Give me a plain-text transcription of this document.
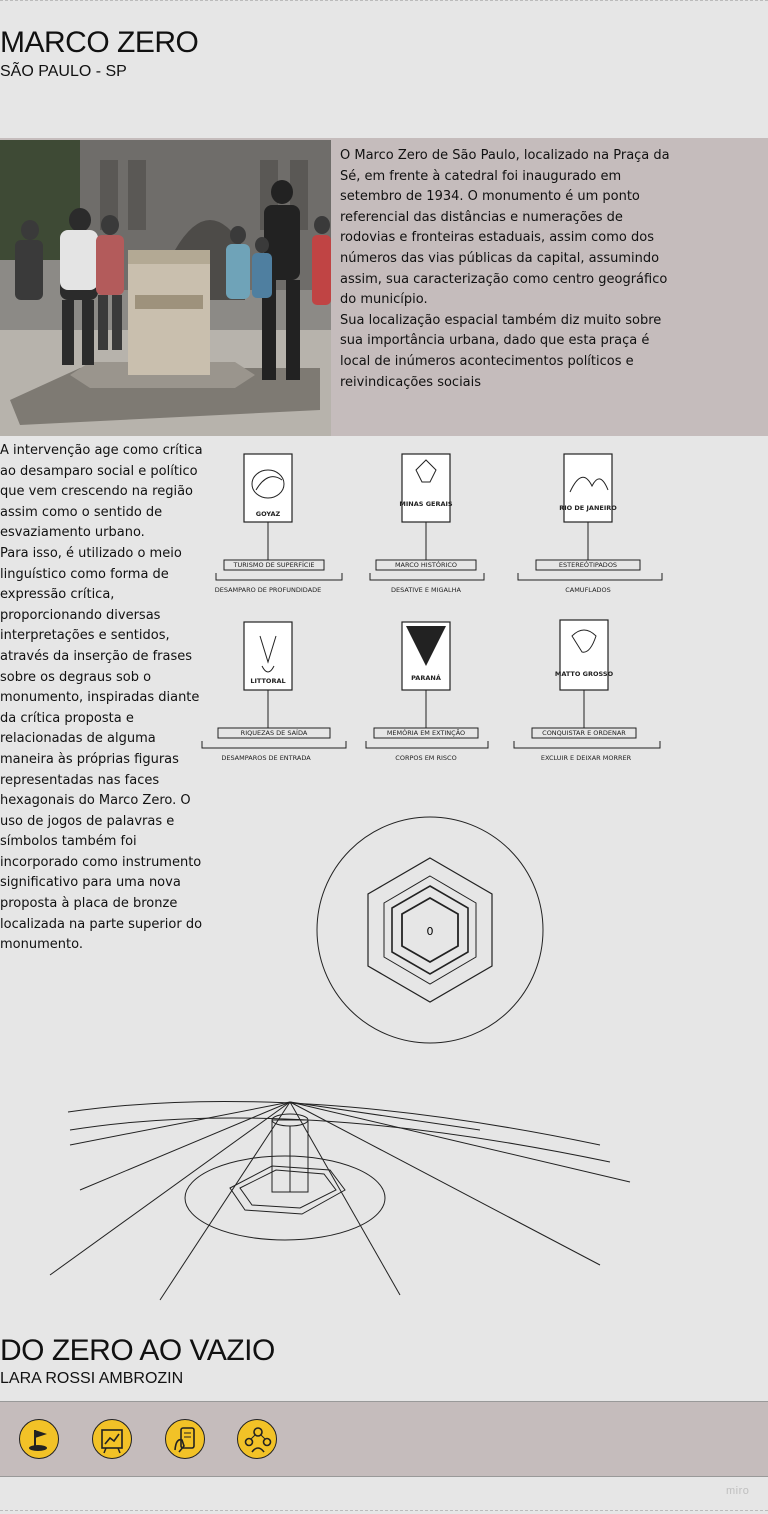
MARCO ZERO
SÃO PAULO - SP

O Marco Zero de São Paulo, localizado na Praça da Sé, em frente à catedral foi inaugurado em setembro de 1934. O monumento é um ponto referencial das distâncias e numerações de rodovias e fronteiras estaduais, assim como dos números das vias públicas da capital, assumindo assim, sua caracterização como centro geográfico do município.

Sua localização espacial também diz muito sobre sua importância urbana, dado que esta praça é local de inúmeros acontecimentos políticos e reivindicações sociais

A intervenção age como crítica ao desamparo social e político que vem crescendo na região assim como o sentido de esvaziamento urbano.

Para isso, é utilizado o meio linguístico como forma de expressão crítica, proporcionando diversas interpretações e sentidos, através da inserção de frases sobre os degraus sob o monumento, inspiradas diante da crítica proposta e relacionadas de alguma maneira às próprias figuras representadas nas faces hexagonais do Marco Zero. O uso de jogos de palavras e símbolos também foi incorporado como instrumento significativo para uma nova proposta à placa de bronze localizada na parte superior do monumento.

GOYAZ
TURISMO DE SUPERFÍCIE
DESAMPARO DE PROFUNDIDADE
MINAS GERAIS
MARCO HISTÓRICO
DESATIVE E MIGALHA
RIO DE JANEIRO
ESTEREÓTIPADOS
CAMUFLADOS
LITTORAL
RIQUEZAS DE SAÍDA
DESAMPAROS DE ENTRADA
PARANÁ
MEMÓRIA EM EXTINÇÃO
CORPOS EM RISCO
MATTO GROSSO
CONQUISTAR E ORDENAR
EXCLUIR E DEIXAR MORRER
0
DO ZERO AO VAZIO
LARA ROSSI AMBROZIN
miro
